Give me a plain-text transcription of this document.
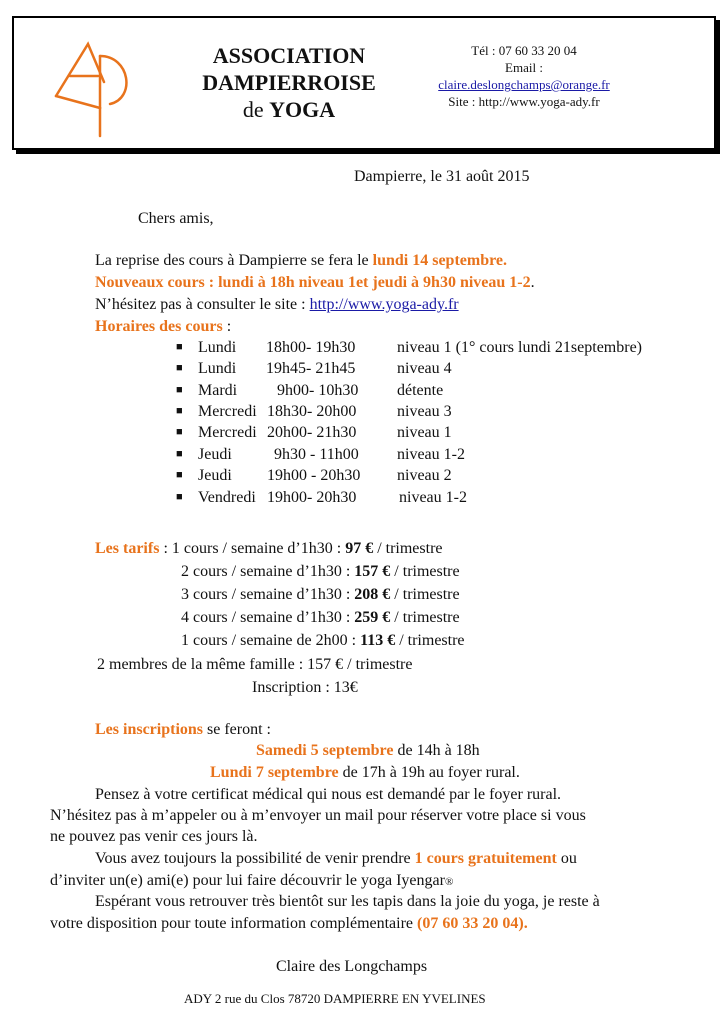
ASSOCIATION
DAMPIERROISE
de YOGA
Tél : 07 60 33 20 04
Email :
claire.deslongchamps@orange.fr
Site : http://www.yoga-ady.fr
Dampierre, le 31 août 2015
Chers amis,
La reprise des cours à Dampierre se fera le lundi 14 septembre.
Nouveaux cours : lundi à 18h niveau 1et jeudi à 9h30 niveau 1-2.
N’hésitez pas à consulter le site : http://www.yoga-ady.fr
Horaires des cours :
■ Lundi 18h00- 19h30	niveau 1 (1° cours lundi 21septembre)
■ Lundi 19h45- 21h45	niveau 4
■ Mardi 9h00- 10h30 détente
■ Mercredi 18h30- 20h00	niveau 3
■ Mercredi 20h00- 21h30	niveau 1
■ Jeudi	9h30 - 11h00 niveau 1-2
■ Jeudi 19h00 - 20h30 niveau 2
■ Vendredi 19h00- 20h30	niveau 1-2
Les tarifs : 1 cours / semaine d’1h30 : 97 € / trimestre
2 cours / semaine d’1h30 : 157 € / trimestre
3 cours / semaine d’1h30 : 208 € / trimestre
4 cours / semaine d’1h30 : 259 € / trimestre
1 cours / semaine de 2h00 : 113 € / trimestre
2 membres de la même famille : 157 € / trimestre
Inscription : 13€
Les inscriptions se feront :
Samedi 5 septembre de 14h à 18h
Lundi 7 septembre de 17h à 19h au foyer rural.
Pensez à votre certificat médical qui nous est demandé par le foyer rural.
N’hésitez pas à m’appeler ou à m’envoyer un mail pour réserver votre place si vous
ne pouvez pas venir ces jours là.
Vous avez toujours la possibilité de venir prendre 1 cours gratuitement ou
d’inviter un(e) ami(e) pour lui faire découvrir le yoga Iyengar®
Espérant vous retrouver très bientôt sur les tapis dans la joie du yoga, je reste à
votre disposition pour toute information complémentaire (07 60 33 20 04).
Claire des Longchamps
ADY 2 rue du Clos 78720 DAMPIERRE EN YVELINES
